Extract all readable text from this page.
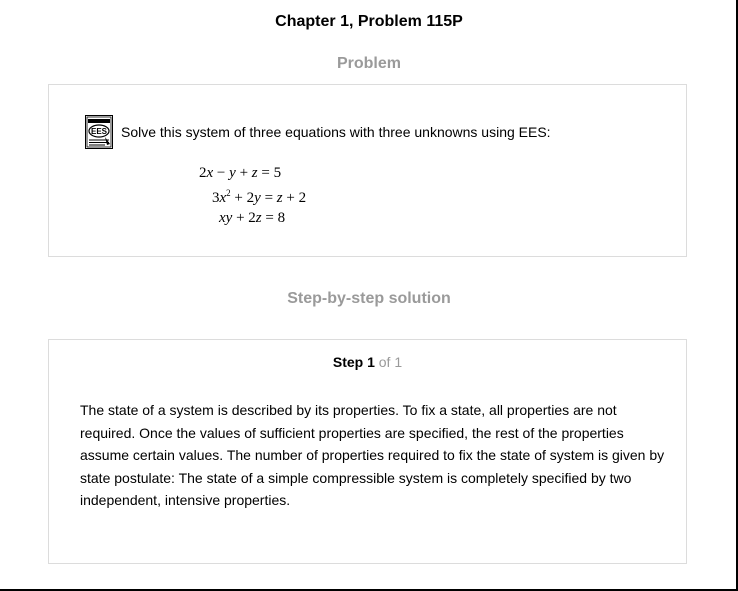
Chapter 1, Problem 115P
Problem
EES Solve this system of three equations with three unknowns using EES:
2x − y + z = 5
$3x^2 + 2y = z + 2$
xy + 2z = 8
Step-by-step solution
Step 1 of 1
The state of a system is described by its properties. To fix a state, all properties are not required. Once the values of sufficient properties are specified, the rest of the properties assume certain values. The number of properties required to fix the state of system is given by state postulate: The state of a simple compressible system is completely specified by two independent, intensive properties.
